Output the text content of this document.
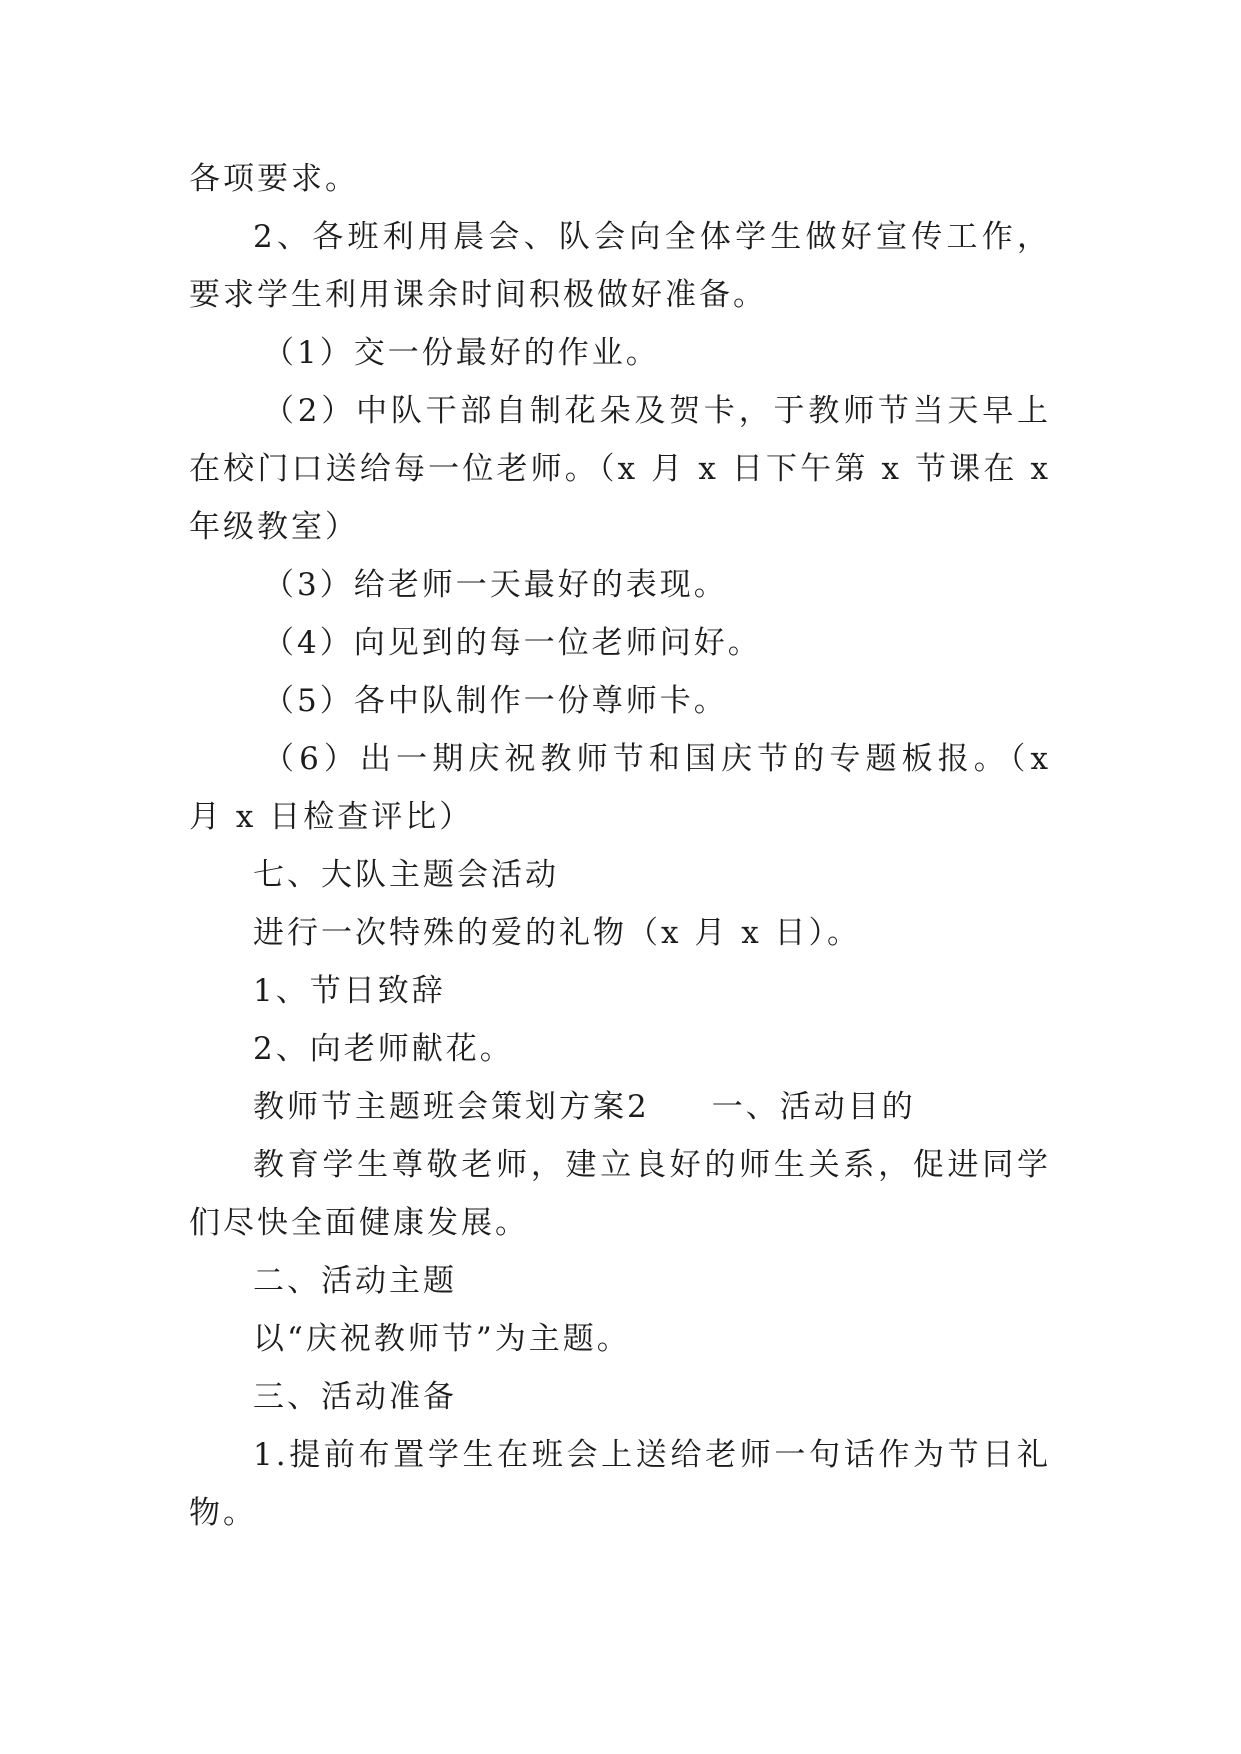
各项要求。

2、各班利用晨会、队会向全体学生做好宣传工作，要求学生利用课余时间积极做好准备。

（1）交一份最好的作业。

（2）中队干部自制花朵及贺卡，于教师节当天早上在校门口送给每一位老师。（x 月 x 日下午第 x 节课在 x 年级教室）

（3）给老师一天最好的表现。

（4）向见到的每一位老师问好。

（5）各中队制作一份尊师卡。

（6）出一期庆祝教师节和国庆节的专题板报。（x 月 x 日检查评比）

七、大队主题会活动

进行一次特殊的爱的礼物（x 月 x 日）。

1、节日致辞

2、向老师献花。

教师节主题班会策划方案2 一、活动目的

教育学生尊敬老师，建立良好的师生关系，促进同学们尽快全面健康发展。

二、活动主题

以“庆祝教师节”为主题。

三、活动准备

1.提前布置学生在班会上送给老师一句话作为节日礼物。
